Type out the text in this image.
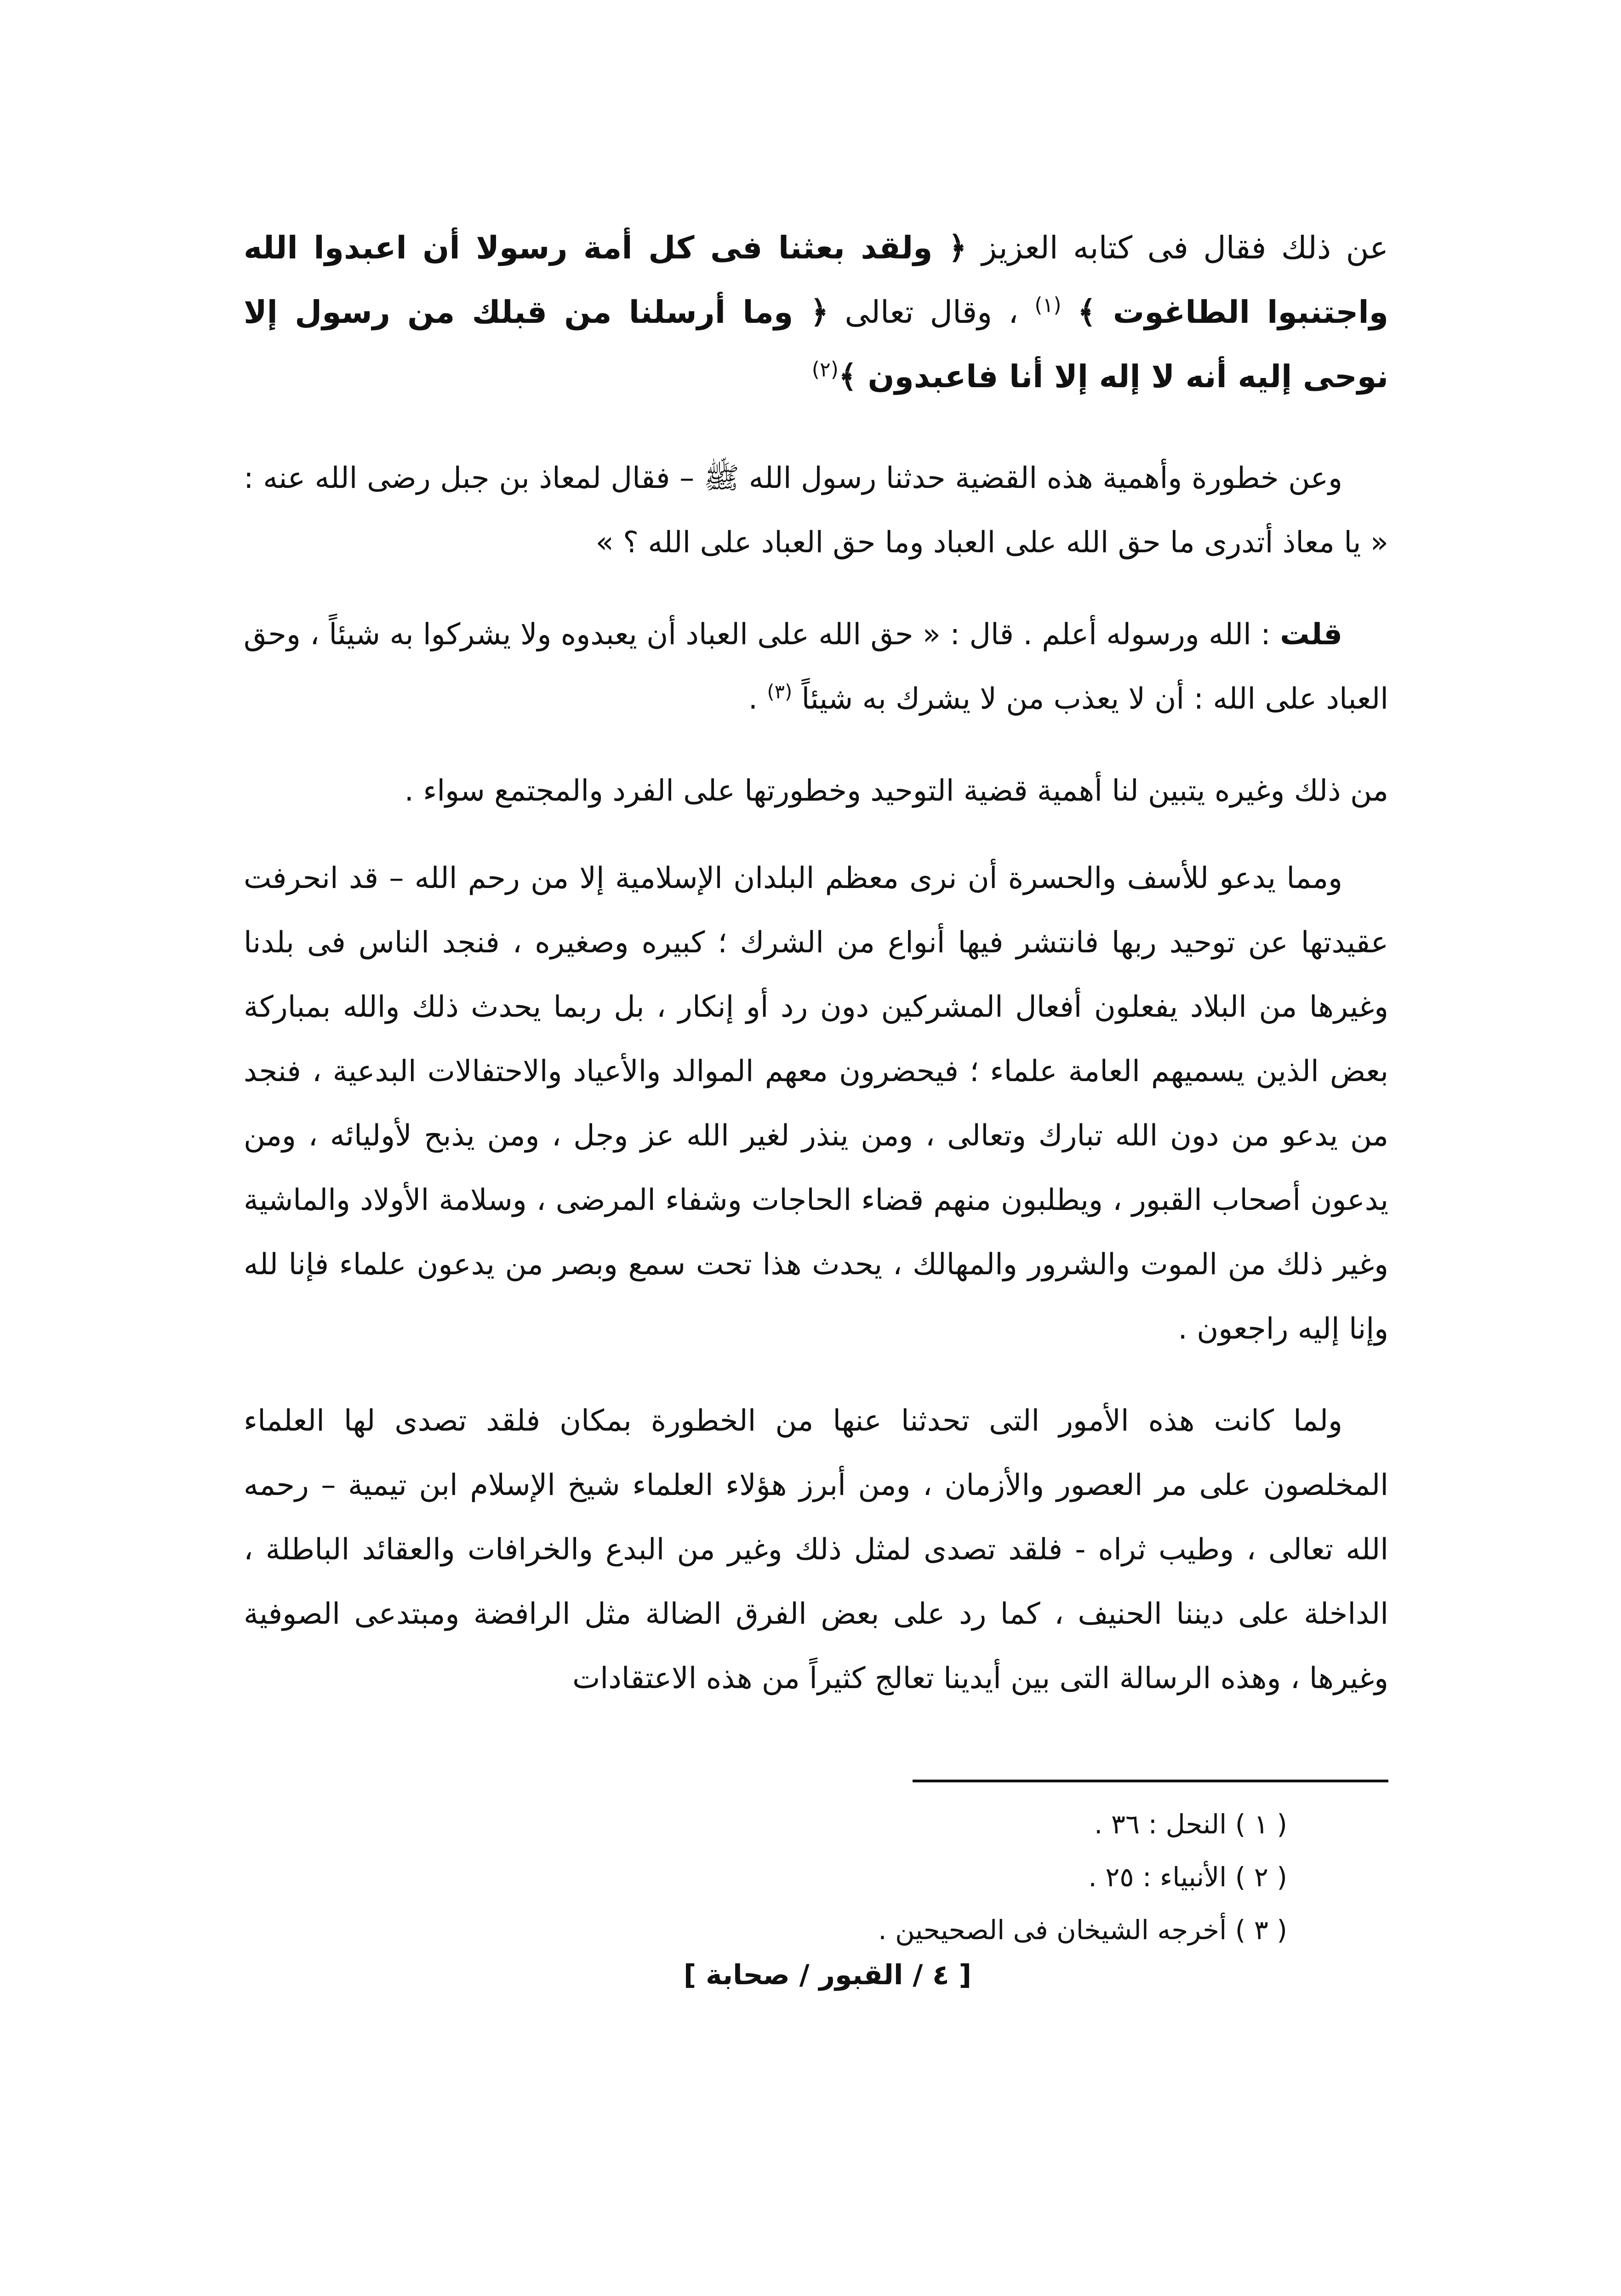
عن ذلك فقال فى كتابه العزيز ﴿ ولقد بعثنا فى كل أمة رسولا أن اعبدوا الله واجتنبوا الطاغوت ﴾ $^{(١)}$ ، وقال تعالى ﴿ وما أرسلنا من قبلك من رسول إلا نوحى إليه أنه لا إله إلا أنا فاعبدون ﴾$^{(٢)}$

وعن خطورة وأهمية هذه القضية حدثنا رسول الله ﷺ – فقال لمعاذ بن جبل رضى الله عنه : « يا معاذ أتدرى ما حق الله على العباد وما حق العباد على الله ؟ »

قلت : الله ورسوله أعلم . قال : « حق الله على العباد أن يعبدوه ولا يشركوا به شيئاً ، وحق العباد على الله : أن لا يعذب من لا يشرك به شيئاً $^{(٣)}$ .

من ذلك وغيره يتبين لنا أهمية قضية التوحيد وخطورتها على الفرد والمجتمع سواء .

ومما يدعو للأسف والحسرة أن نرى معظم البلدان الإسلامية إلا من رحم الله – قد انحرفت عقيدتها عن توحيد ربها فانتشر فيها أنواع من الشرك ؛ كبيره وصغيره ، فنجد الناس فى بلدنا وغيرها من البلاد يفعلون أفعال المشركين دون رد أو إنكار ، بل ربما يحدث ذلك والله بمباركة بعض الذين يسميهم العامة علماء ؛ فيحضرون معهم الموالد والأعياد والاحتفالات البدعية ، فنجد من يدعو من دون الله تبارك وتعالى ، ومن ينذر لغير الله عز وجل ، ومن يذبح لأوليائه ، ومن يدعون أصحاب القبور ، ويطلبون منهم قضاء الحاجات وشفاء المرضى ، وسلامة الأولاد والماشية وغير ذلك من الموت والشرور والمهالك ، يحدث هذا تحت سمع وبصر من يدعون علماء فإنا لله وإنا إليه راجعون .

ولما كانت هذه الأمور التى تحدثنا عنها من الخطورة بمكان فلقد تصدى لها العلماء المخلصون على مر العصور والأزمان ، ومن أبرز هؤلاء العلماء شيخ الإسلام ابن تيمية – رحمه الله تعالى ، وطيب ثراه - فلقد تصدى لمثل ذلك وغير من البدع والخرافات والعقائد الباطلة ، الداخلة على ديننا الحنيف ، كما رد على بعض الفرق الضالة مثل الرافضة ومبتدعى الصوفية وغيرها ، وهذه الرسالة التى بين أيدينا تعالج كثيراً من هذه الاعتقادات

( ١ ) النحل : ٣٦ .
( ٢ ) الأنبياء : ٢٥ .
( ٣ ) أخرجه الشيخان فى الصحيحين .
[ ٤ / القبور / صحابة ]
